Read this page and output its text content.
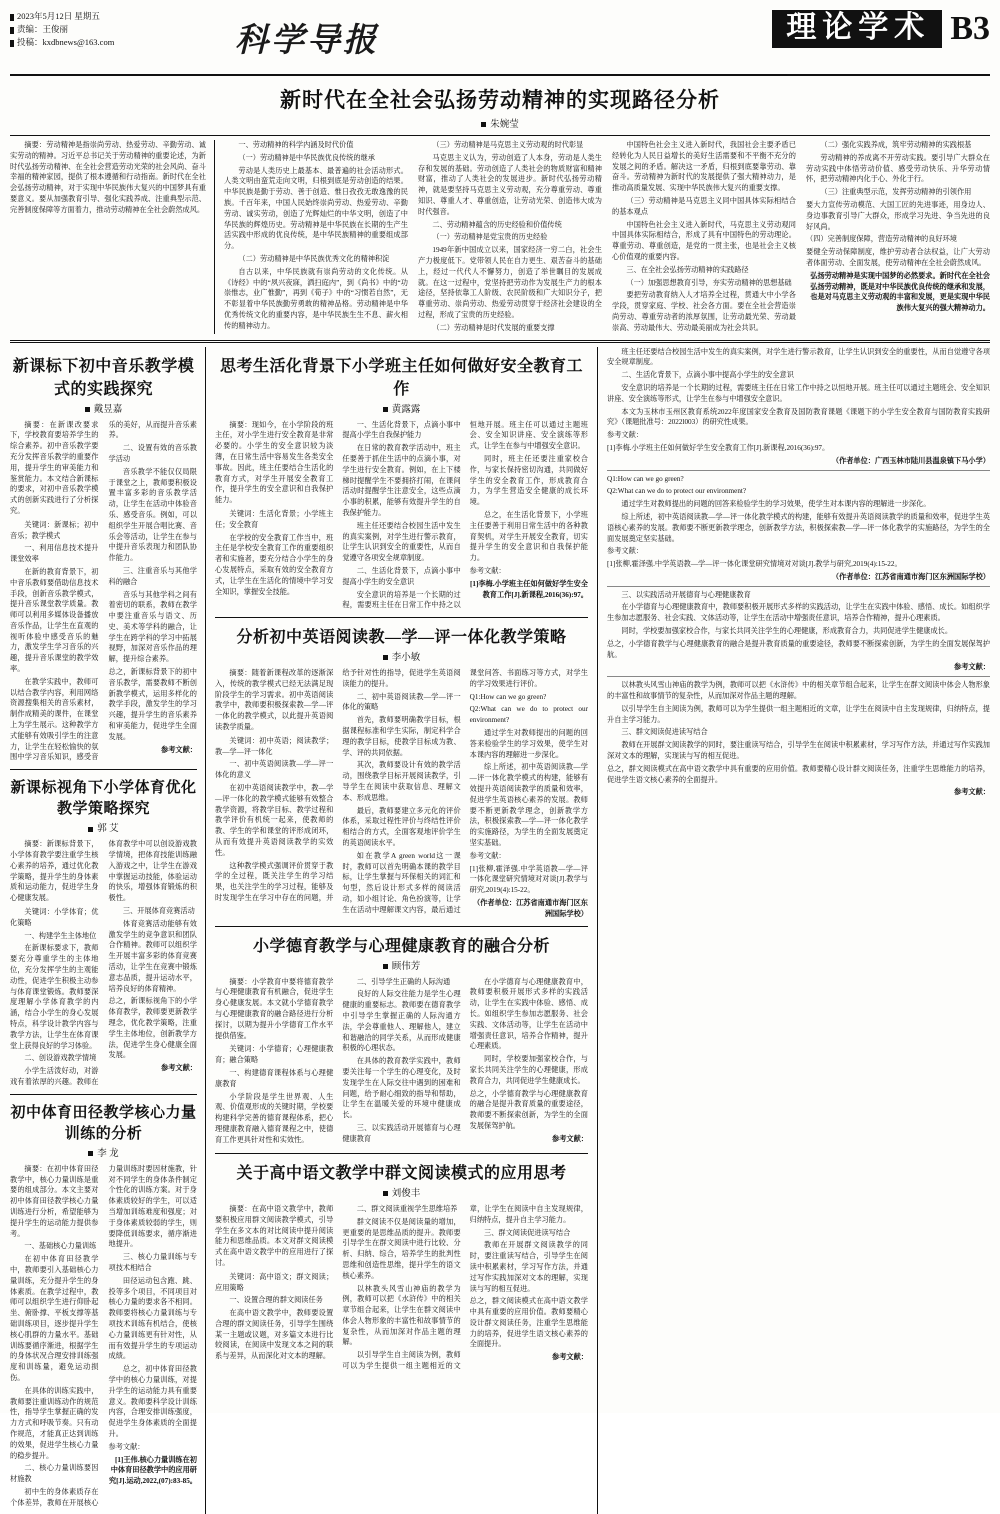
2023年5月12日 星期五
责编：王俊丽
投稿：kxdbnews@163.com	科学导报	理论学术 B3
新时代在全社会弘扬劳动精神的实现路径分析
朱婉莹

摘要：劳动精神是指崇尚劳动、热爱劳动、辛勤劳动、诚实劳动的精神。习近平总书记关于劳动精神的重要论述，为新时代弘扬劳动精神、在全社会营造劳动光荣的社会风尚、奋斗幸福的精神家园，提供了根本遵循和行动指南。新时代在全社会弘扬劳动精神，对于实现中华民族伟大复兴的中国梦具有重要意义。要从加强教育引导、强化实践养成、注重典型示范、完善制度保障等方面着力，推动劳动精神在全社会蔚然成风。

一、劳动精神的科学内涵及时代价值

（一）劳动精神是中华民族优良传统的继承

劳动是人类历史上最基本、最普遍的社会活动形式。人类文明由蛮荒走向文明，归根到底是劳动创造的结果。中华民族是勤于劳动、善于创造、惟日孜孜无敢逸豫的民族。千百年来，中国人民始终崇尚劳动、热爱劳动、辛勤劳动、诚实劳动，创造了光辉灿烂的中华文明，创造了中华民族的辉煌历史。劳动精神是中华民族在长期的生产生活实践中形成的优良传统，是中华民族精神的重要组成部分。

（二）劳动精神是中华民族优秀文化的精神积淀

自古以来，中华民族就有崇尚劳动的文化传统。从《诗经》中的“夙兴夜寐，洒扫庭内”，到《尚书》中的“功崇惟志，业广惟勤”，再到《荀子》中的“习惯若自然”，无不彰显着中华民族勤劳勇敢的精神品格。劳动精神是中华优秀传统文化的重要内容，是中华民族生生不息、薪火相传的精神动力。

（三）劳动精神是马克思主义劳动观的时代彰显

马克思主义认为，劳动创造了人本身，劳动是人类生存和发展的基础。劳动创造了人类社会的物质财富和精神财富，推动了人类社会的发展进步。新时代弘扬劳动精神，就是要坚持马克思主义劳动观，充分尊重劳动、尊重知识、尊重人才、尊重创造，让劳动光荣、创造伟大成为时代强音。

二、劳动精神蕴含的历史经验和价值传统

（一）劳动精神是党宝贵的历史经验

1949年新中国成立以来，国家经济一穷二白，社会生产力极度低下。党带领人民在自力更生、艰苦奋斗的基础上，经过一代代人不懈努力，创造了举世瞩目的发展成就。在这一过程中，党坚持把劳动作为发展生产力的根本途径，坚持依靠工人阶级、农民阶级和广大知识分子，把尊重劳动、崇尚劳动、热爱劳动贯穿于经济社会建设的全过程，形成了宝贵的历史经验。

（二）劳动精神是时代发展的重要支撑

中国特色社会主义进入新时代，我国社会主要矛盾已经转化为人民日益增长的美好生活需要和不平衡不充分的发展之间的矛盾。解决这一矛盾，归根到底要靠劳动、靠奋斗。劳动精神为新时代的发展提供了强大精神动力，是推动高质量发展、实现中华民族伟大复兴的重要支撑。

（三）劳动精神是马克思主义同中国具体实际相结合的基本观点

中国特色社会主义进入新时代，马克思主义劳动观同中国具体实际相结合，形成了具有中国特色的劳动理论。尊重劳动、尊重创造，是党的一贯主张，也是社会主义核心价值观的重要内容。

三、在全社会弘扬劳动精神的实践路径

（一）加强思想教育引导，夯实劳动精神的思想基础

要把劳动教育纳入人才培养全过程，贯通大中小学各学段，贯穿家庭、学校、社会各方面。要在全社会营造崇尚劳动、尊重劳动者的浓厚氛围，让劳动最光荣、劳动最崇高、劳动最伟大、劳动最美丽成为社会共识。

（二）强化实践养成，筑牢劳动精神的实践根基

劳动精神的养成离不开劳动实践。要引导广大群众在劳动实践中体悟劳动价值、感受劳动快乐、升华劳动情怀，把劳动精神内化于心、外化于行。

（三）注重典型示范，发挥劳动精神的引领作用

要大力宣传劳动模范、大国工匠的先进事迹，用身边人、身边事教育引导广大群众，形成学习先进、争当先进的良好风尚。

（四）完善制度保障，营造劳动精神的良好环境

要健全劳动保障制度，维护劳动者合法权益，让广大劳动者体面劳动、全面发展，使劳动精神在全社会蔚然成风。

弘扬劳动精神是实现中国梦的必然要求。新时代在全社会弘扬劳动精神，既是对中华民族优良传统的继承和发展，也是对马克思主义劳动观的丰富和发展，更是实现中华民族伟大复兴的强大精神动力。

新课标下初中音乐教学模式的实践探究
戴昱嘉

摘要：在新课改要求下，学校教育要培养学生的综合素养。初中音乐教学要充分发挥音乐教学的重要作用，提升学生的审美能力和鉴赏能力。本文结合新课标的要求，对初中音乐教学模式的创新实践进行了分析探究。

关键词：新课标；初中音乐；教学模式

一、利用信息技术提升课堂效率

在新的教育背景下，初中音乐教师要借助信息技术手段，创新音乐教学模式，提升音乐课堂教学质量。教师可以利用多媒体设备播放音乐作品，让学生在直观的视听体验中感受音乐的魅力，激发学生学习音乐的兴趣，提升音乐课堂的教学效率。

在教学实践中，教师可以结合教学内容，利用网络资源搜集相关的音乐素材，制作成精美的课件，在课堂上为学生展示。这种教学方式能够有效吸引学生的注意力，让学生在轻松愉快的氛围中学习音乐知识，感受音乐的美好，从而提升音乐素养。

二、设置有效的音乐教学活动

音乐教学不能仅仅局限于课堂之上，教师要积极设置丰富多彩的音乐教学活动，让学生在活动中体验音乐、感受音乐。例如，可以组织学生开展合唱比赛、音乐会等活动，让学生在参与中提升音乐表现力和团队协作能力。

三、注重音乐与其他学科的融合

音乐与其他学科之间有着密切的联系，教师在教学中要注重音乐与语文、历史、美术等学科的融合，让学生在跨学科的学习中拓展视野，加深对音乐作品的理解，提升综合素养。

总之，新课标背景下的初中音乐教学，需要教师不断创新教学模式，运用多样化的教学手段，激发学生的学习兴趣，提升学生的音乐素养和审美能力，促进学生全面发展。

参考文献：

新课标视角下小学体育优化教学策略探究
郭 艾

摘要：新课标背景下，小学体育教学要注重学生核心素养的培养，通过优化教学策略，提升学生的身体素质和运动能力，促进学生身心健康发展。

关键词：小学体育；优化策略

一、构建学生主体地位

在新课标要求下，教师要充分尊重学生的主体地位，充分发挥学生的主观能动性，促进学生积极主动参与体育课堂锻炼。教师要深度理解小学体育教学的内涵，结合小学生的身心发展特点，科学设计教学内容与教学方法，让学生在体育课堂上获得良好的学习体验。

二、创设游戏教学情境

小学生活泼好动，对游戏有着浓厚的兴趣。教师在体育教学中可以创设游戏教学情境，把体育技能训练融入游戏之中，让学生在游戏中掌握运动技能，体验运动的快乐，增强体育锻炼的积极性。

三、开展体育竞赛活动

体育竞赛活动能够有效激发学生的竞争意识和团队合作精神。教师可以组织学生开展丰富多彩的体育竞赛活动，让学生在竞赛中锻炼意志品质，提升运动水平，培养良好的体育精神。

总之，新课标视角下的小学体育教学，教师要更新教学理念，优化教学策略，注重学生主体地位，创新教学方法，促进学生身心健康全面发展。

参考文献：

初中体育田径教学核心力量训练的分析
李 龙

摘要：在初中体育田径教学中，核心力量训练是重要的组成部分。本文主要对初中体育田径教学核心力量训练进行分析，希望能够为提升学生的运动能力提供参考。

一、基础核心力量训练

在初中体育田径教学中，教师要引入基础核心力量训练，充分提升学生的身体素质。在教学过程中，教师可以组织学生进行仰卧起坐、俯卧撑、平板支撑等基础训练项目，逐步提升学生核心肌群的力量水平。基础训练要循序渐进，根据学生的身体状况合理安排训练强度和训练量，避免运动损伤。

在具体的训练实践中，教师要注重训练动作的规范性，指导学生掌握正确的发力方式和呼吸节奏。只有动作规范，才能真正达到训练的效果，促进学生核心力量的稳步提升。

二、核心力量训练要因材施教

初中生的身体素质存在个体差异，教师在开展核心力量训练时要因材施教，针对不同学生的身体条件制定个性化的训练方案。对于身体素质较好的学生，可以适当增加训练难度和强度；对于身体素质较弱的学生，则要降低训练要求，循序渐进地提升。

三、核心力量训练与专项技术相结合

田径运动包含跑、跳、投等多个项目，不同项目对核心力量的要求各不相同。教师要将核心力量训练与专项技术训练有机结合，使核心力量训练更有针对性，从而有效提升学生的专项运动成绩。

总之，初中体育田径教学中的核心力量训练，对提升学生的运动能力具有重要意义。教师要科学设计训练内容，合理安排训练强度，促进学生身体素质的全面提升。

参考文献：

[1]王伟.核心力量训练在初中体育田径教学中的应用研究[J].运动,2022,(07):83-85。

思考生活化背景下小学班主任如何做好安全教育工作
黄露露

摘要：现如今，在小学阶段的班主任，对小学生进行安全教育是非常必要的。小学生的安全意识较为淡薄，在日常生活中容易发生各类安全事故。因此，班主任要结合生活化的教育方式，对学生开展安全教育工作，提升学生的安全意识和自我保护能力。

关键词：生活化背景；小学班主任；安全教育

在学校的安全教育工作当中，班主任是学校安全教育工作的重要组织者和实施者，要充分结合小学生的身心发展特点，采取有效的安全教育方式，让学生在生活化的情境中学习安全知识，掌握安全技能。

一、生活化背景下，点滴小事中提高小学生自我保护能力

在日常的教育教学活动中，班主任要善于抓住生活中的点滴小事，对学生进行安全教育。例如，在上下楼梯时提醒学生不要拥挤打闹，在课间活动时提醒学生注意安全，这些点滴小事的积累，能够有效提升学生的自我保护能力。

班主任还要结合校园生活中发生的真实案例，对学生进行警示教育，让学生认识到安全的重要性，从而自觉遵守各项安全规章制度。

二、生活化背景下，点滴小事中提高小学生的安全意识

安全意识的培养是一个长期的过程，需要班主任在日常工作中持之以恒地开展。班主任可以通过主题班会、安全知识讲座、安全演练等形式，让学生在参与中增强安全意识。

同时，班主任还要注重家校合作，与家长保持密切沟通，共同做好学生的安全教育工作，形成教育合力，为学生营造安全健康的成长环境。

总之，在生活化背景下，小学班主任要善于利用日常生活中的各种教育契机，对学生开展安全教育，切实提升学生的安全意识和自我保护能力。

参考文献：

[1]李梅.小学班主任如何做好学生安全教育工作[J].新课程,2016(36):97。

分析初中英语阅读教—学—评一体化教学策略
李小敏

摘要：随着新课程改革的逐渐深入，传统的教学模式已经无法满足现阶段学生的学习需求。初中英语阅读教学中，教师要积极探索教—学—评一体化的教学模式，以此提升英语阅读教学质量。

关键词：初中英语；阅读教学；教—学—评一体化

一、初中英语阅读教—学—评一体化的意义

在初中英语阅读教学中，教—学—评一体化的教学模式能够有效整合教学资源，将教学目标、教学过程和教学评价有机统一起来，使教师的教、学生的学和课堂的评形成闭环，从而有效提升英语阅读教学的实效性。

这种教学模式强调评价贯穿于教学的全过程，既关注学生的学习结果，也关注学生的学习过程，能够及时发现学生在学习中存在的问题，并给予针对性的指导，促进学生英语阅读能力的提升。

二、初中英语阅读教—学—评一体化的策略

首先，教师要明确教学目标，根据课程标准和学生实际，制定科学合理的教学目标，使教学目标成为教、学、评的共同依据。

其次，教师要设计有效的教学活动，围绕教学目标开展阅读教学，引导学生在阅读中获取信息、理解文本、形成思维。

最后，教师要建立多元化的评价体系，采取过程性评价与终结性评价相结合的方式，全面客观地评价学生的英语阅读水平。

如在教学A green world这一课时，教师可以首先明确本课的教学目标，让学生掌握与环保相关的词汇和句型，然后设计形式多样的阅读活动，如小组讨论、角色扮演等，让学生在活动中理解课文内容，最后通过课堂问答、书面练习等方式，对学生的学习效果进行评价。

Q1:How can we go green?

Q2:What can we do to protect our environment?

通过学生对教师提出的问题的回答来检验学生的学习效果，使学生对本课内容的理解进一步深化。

综上所述，初中英语阅读教—学—评一体化教学模式的构建，能够有效提升英语阅读教学的质量和效率，促进学生英语核心素养的发展。教师要不断更新教学理念，创新教学方法，积极探索教—学—评一体化教学的实施路径，为学生的全面发展奠定坚实基础。

参考文献：

[1]张柳,霍泽强.中学英语教—学—评一体化课堂研究情境对对谈[J].教学与研究,2019(4):15-22。

（作者单位：江苏省南通市海门区东洲国际学校）

小学德育教学与心理健康教育的融合分析
顾伟芳

摘要：小学教育中要将德育教学与心理健康教育有机融合，促进学生身心健康发展。本文就小学德育教学与心理健康教育的融合路径进行分析探讨，以期为提升小学德育工作水平提供借鉴。

关键词：小学德育；心理健康教育；融合策略

一、构建德育课程体系与心理健康教育

小学阶段是学生世界观、人生观、价值观形成的关键时期，学校要构建科学完善的德育课程体系，把心理健康教育融入德育课程之中，使德育工作更具针对性和实效性。

二、引导学生正确的人际沟通

良好的人际交往能力是学生心理健康的重要标志。教师要在德育教学中引导学生掌握正确的人际沟通方法，学会尊重他人、理解他人，建立和谐融洽的同学关系，从而形成健康积极的心理状态。

在具体的教育教学实践中，教师要关注每一个学生的心理变化，及时发现学生在人际交往中遇到的困难和问题，给予耐心细致的指导和帮助，让学生在温暖关爱的环境中健康成长。

三、以实践活动开展德育与心理健康教育

在小学德育与心理健康教育中，教师要积极开展形式多样的实践活动，让学生在实践中体验、感悟、成长。如组织学生参加志愿服务、社会实践、文体活动等，让学生在活动中增强责任意识，培养合作精神，提升心理素质。

同时，学校要加强家校合作，与家长共同关注学生的心理健康，形成教育合力，共同促进学生健康成长。

总之，小学德育教学与心理健康教育的融合是提升教育质量的重要途径，教师要不断探索创新，为学生的全面发展保驾护航。

参考文献：

关于高中语文教学中群文阅读模式的应用思考
刘俊丰

摘要：在高中语文教学中，教师要积极应用群文阅读教学模式，引导学生在多文本的对比阅读中提升阅读能力和思维品质。本文对群文阅读模式在高中语文教学中的应用进行了探讨。

关键词：高中语文；群文阅读；应用策略

一、设置合理的群文阅读任务

在高中语文教学中，教师要设置合理的群文阅读任务，引导学生围绕某一主题或议题，对多篇文本进行比较阅读，在阅读中发现文本之间的联系与差异，从而深化对文本的理解。

二、群文阅读重视学生思维培养

群文阅读不仅是阅读量的增加，更重要的是思维品质的提升。教师要引导学生在群文阅读中进行比较、分析、归纳、综合，培养学生的批判性思维和创造性思维，提升学生的语文核心素养。

以林教头风雪山神庙的教学为例，教师可以把《水浒传》中的相关章节组合起来，让学生在群文阅读中体会人物形象的丰富性和故事情节的复杂性，从而加深对作品主题的理解。

以引导学生自主阅读为例，教师可以为学生提供一组主题相近的文章，让学生在阅读中自主发现规律，归纳特点，提升自主学习能力。

三、群文阅读促进读写结合

教师在开展群文阅读教学的同时，要注重读写结合，引导学生在阅读中积累素材，学习写作方法，并通过写作实践加深对文本的理解，实现读与写的相互促进。

总之，群文阅读模式在高中语文教学中具有重要的应用价值。教师要精心设计群文阅读任务，注重学生思维能力的培养，促进学生语文核心素养的全面提升。

参考文献：

班主任还要结合校园生活中发生的真实案例，对学生进行警示教育，让学生认识到安全的重要性，从而自觉遵守各项安全规章制度。

二、生活化背景下，点滴小事中提高小学生的安全意识

安全意识的培养是一个长期的过程，需要班主任在日常工作中持之以恒地开展。班主任可以通过主题班会、安全知识讲座、安全演练等形式，让学生在参与中增强安全意识。

本文为玉林市玉州区教育系统2022年度国家安全教育及国防教育课题《课题下的小学生安全教育与国防教育实践研究》（课题批准号：2022l003）的研究性成果。

参考文献：

[1]李梅.小学班主任如何做好学生安全教育工作[J].新课程,2016(36):97。

（作者单位：广西玉林市陆川县温泉镇下马小学）

Q1:How can we go green?

Q2:What can we do to protect our environment?

通过学生对教师提出的问题的回答来检验学生的学习效果，使学生对本课内容的理解进一步深化。

综上所述，初中英语阅读教—学—评一体化教学模式的构建，能够有效提升英语阅读教学的质量和效率，促进学生英语核心素养的发展。教师要不断更新教学理念，创新教学方法，积极探索教—学—评一体化教学的实施路径，为学生的全面发展奠定坚实基础。

参考文献：

[1]张柳,霍泽强.中学英语教—学—评一体化课堂研究情境对对谈[J].教学与研究,2019(4):15-22。

（作者单位：江苏省南通市海门区东洲国际学校）

三、以实践活动开展德育与心理健康教育

在小学德育与心理健康教育中，教师要积极开展形式多样的实践活动，让学生在实践中体验、感悟、成长。如组织学生参加志愿服务、社会实践、文体活动等，让学生在活动中增强责任意识，培养合作精神，提升心理素质。

同时，学校要加强家校合作，与家长共同关注学生的心理健康，形成教育合力，共同促进学生健康成长。

总之，小学德育教学与心理健康教育的融合是提升教育质量的重要途径，教师要不断探索创新，为学生的全面发展保驾护航。

参考文献：

以林教头风雪山神庙的教学为例，教师可以把《水浒传》中的相关章节组合起来，让学生在群文阅读中体会人物形象的丰富性和故事情节的复杂性，从而加深对作品主题的理解。

以引导学生自主阅读为例，教师可以为学生提供一组主题相近的文章，让学生在阅读中自主发现规律，归纳特点，提升自主学习能力。

三、群文阅读促进读写结合

教师在开展群文阅读教学的同时，要注重读写结合，引导学生在阅读中积累素材，学习写作方法，并通过写作实践加深对文本的理解，实现读与写的相互促进。

总之，群文阅读模式在高中语文教学中具有重要的应用价值。教师要精心设计群文阅读任务，注重学生思维能力的培养，促进学生语文核心素养的全面提升。

参考文献：
